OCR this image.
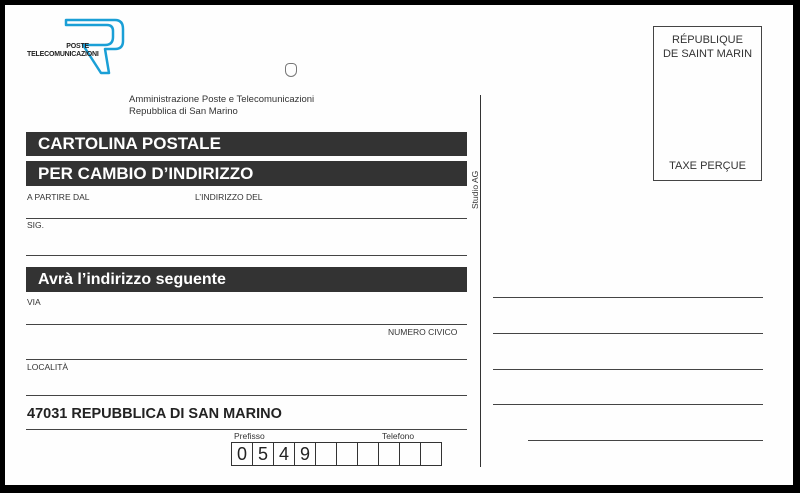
POSTE
TELECOMUNICAZIONI
Amministrazione Poste e Telecomunicazioni
Repubblica di San Marino
CARTOLINA POSTALE
PER CAMBIO D’INDIRIZZO
A PARTIRE DAL	L’INDIRIZZO DEL
SIG.
Avrà l’indirizzo seguente
VIA
NUMERO CIVICO
LOCALITÀ
47031 REPUBBLICA DI SAN MARINO
Prefisso	Telefono
0 5 4 9
Studio AG
RÉPUBLIQUE
DE SAINT MARIN
TAXE PERÇUE
